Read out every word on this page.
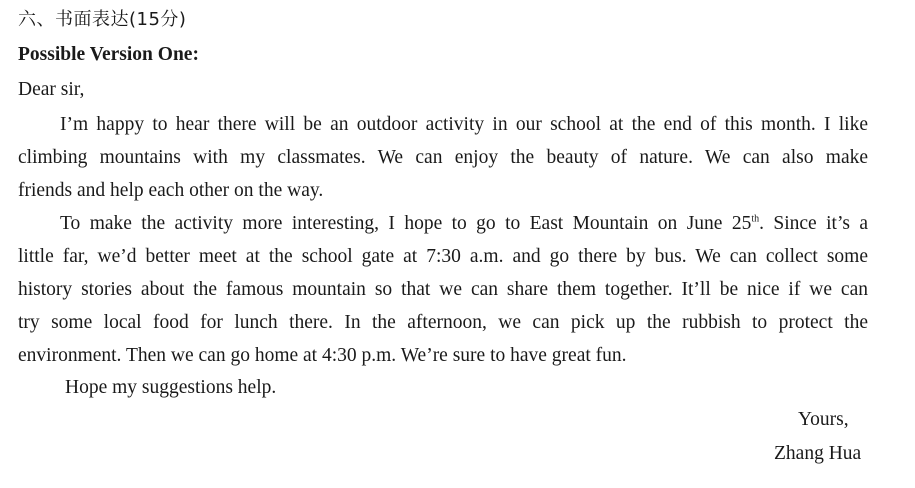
六、书面表达(15分)
Possible Version One:
Dear sir,
I’m happy to hear there will be an outdoor activity in our school at the end of this month. I like
climbing mountains with my classmates. We can enjoy the beauty of nature. We can also make
friends and help each other on the way.
To make the activity more interesting, I hope to go to East Mountain on June 25th. Since it’s a
little far, we’d better meet at the school gate at 7:30 a.m. and go there by bus. We can collect some
history stories about the famous mountain so that we can share them together. It’ll be nice if we can
try some local food for lunch there. In the afternoon, we can pick up the rubbish to protect the
environment. Then we can go home at 4:30 p.m. We’re sure to have great fun.
Hope my suggestions help.
Yours,
Zhang Hua
